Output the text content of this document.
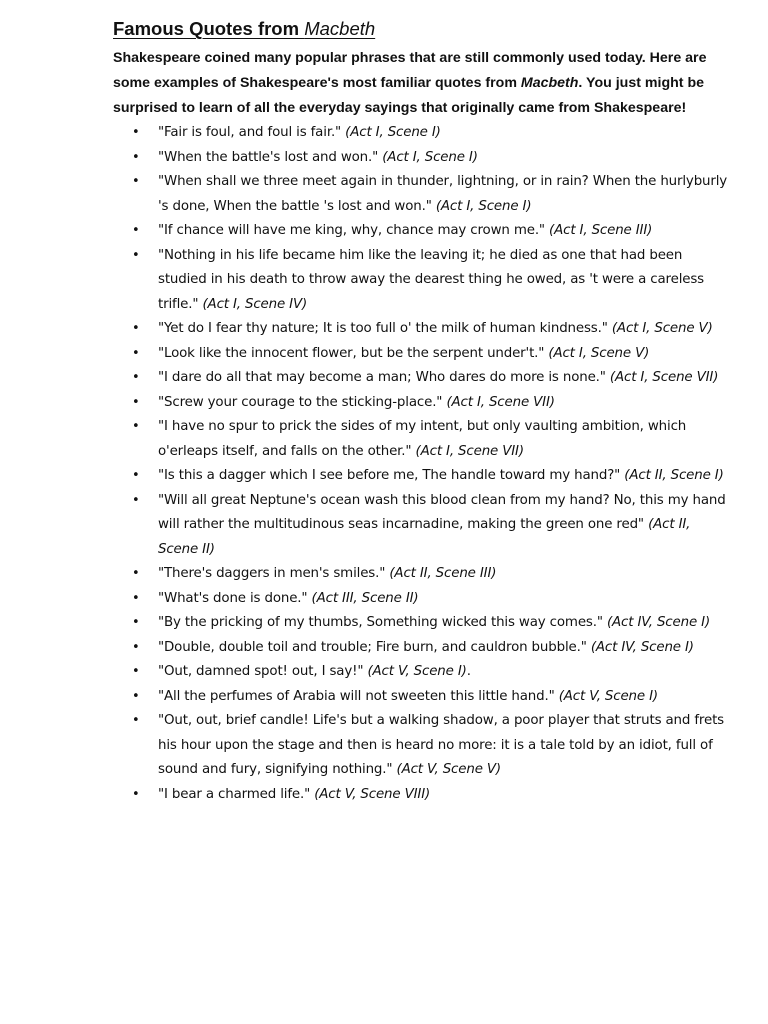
Famous Quotes from Macbeth

Shakespeare coined many popular phrases that are still commonly used today. Here are some examples of Shakespeare's most familiar quotes from Macbeth. You just might be surprised to learn of all the everyday sayings that originally came from Shakespeare!

• "Fair is foul, and foul is fair." (Act I, Scene I)
• "When the battle's lost and won." (Act I, Scene I)
• "When shall we three meet again in thunder, lightning, or in rain? When the hurlyburly 's done, When the battle 's lost and won." (Act I, Scene I)
• "If chance will have me king, why, chance may crown me." (Act I, Scene III)
• "Nothing in his life became him like the leaving it; he died as one that had been studied in his death to throw away the dearest thing he owed, as 't were a careless trifle." (Act I, Scene IV)
• "Yet do I fear thy nature; It is too full o' the milk of human kindness." (Act I, Scene V)
• "Look like the innocent flower, but be the serpent under't." (Act I, Scene V)
• "I dare do all that may become a man; Who dares do more is none." (Act I, Scene VII)
• "Screw your courage to the sticking-place." (Act I, Scene VII)
• "I have no spur to prick the sides of my intent, but only vaulting ambition, which o'erleaps itself, and falls on the other." (Act I, Scene VII)
• "Is this a dagger which I see before me, The handle toward my hand?" (Act II, Scene I)
• "Will all great Neptune's ocean wash this blood clean from my hand? No, this my hand will rather the multitudinous seas incarnadine, making the green one red" (Act II, Scene II)
• "There's daggers in men's smiles." (Act II, Scene III)
• "What's done is done." (Act III, Scene II)
• "By the pricking of my thumbs, Something wicked this way comes." (Act IV, Scene I)
• "Double, double toil and trouble; Fire burn, and cauldron bubble." (Act IV, Scene I)
• "Out, damned spot! out, I say!" (Act V, Scene I).
• "All the perfumes of Arabia will not sweeten this little hand." (Act V, Scene I)
• "Out, out, brief candle! Life's but a walking shadow, a poor player that struts and frets his hour upon the stage and then is heard no more: it is a tale told by an idiot, full of sound and fury, signifying nothing." (Act V, Scene V)
• "I bear a charmed life." (Act V, Scene VIII)
